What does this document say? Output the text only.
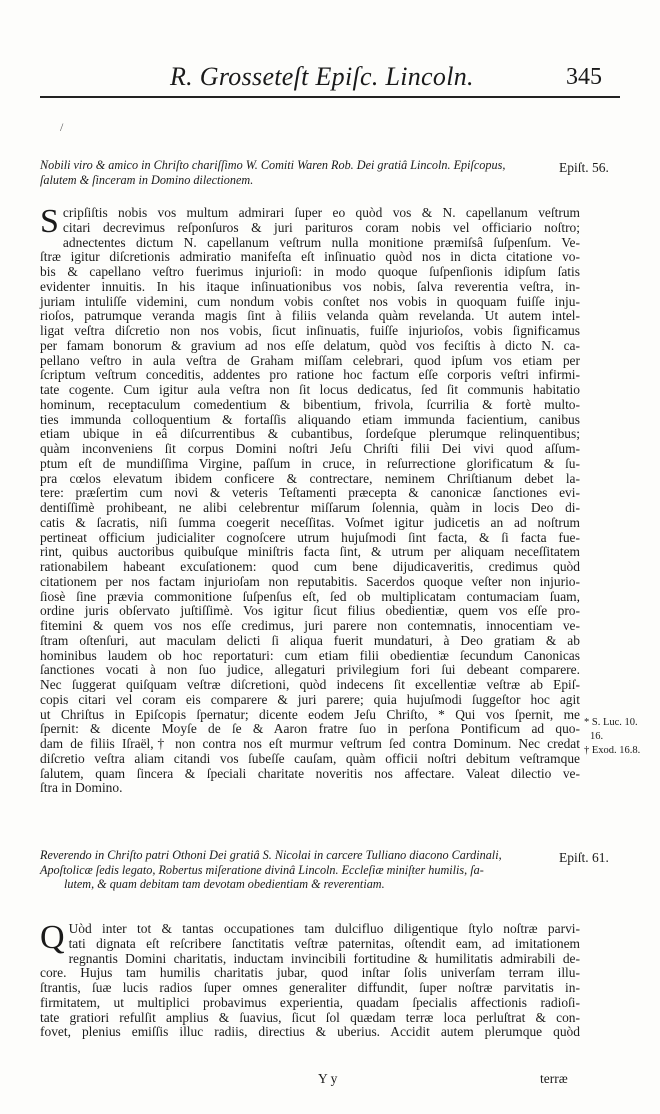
R. Grosseteſt Epiſc. Lincoln.	345
/
Nobili viro & amico in Chriſto chariſſimo W. Comiti Waren Rob. Dei gratiâ Lincoln. Epiſcopus,
ſalutem & ſinceram in Domino dilectionem.
Epiſt. 56.
S cripſiſtis nobis vos multum admirari ſuper eo quòd vos & N. capellanum veſtrum
citari decrevimus reſponſuros & juri parituros coram nobis vel officiario noſtro;
adnectentes dictum N. capellanum veſtrum nulla monitione præmiſsâ ſuſpenſum. Ve-
ſtræ igitur diſcretionis admiratio manifeſta eſt inſinuatio quòd nos in dicta citatione vo-
bis & capellano veſtro fuerimus injurioſi: in modo quoque ſuſpenſionis idipſum ſatis
evidenter innuitis. In his itaque inſinuationibus vos nobis, ſalva reverentia veſtra, in-
juriam intuliſſe videmini, cum nondum vobis conſtet nos vobis in quoquam fuiſſe inju-
rioſos, patrumque veranda magis ſint à filiis velanda quàm revelanda. Ut autem intel-
ligat veſtra diſcretio non nos vobis, ſicut inſinuatis, fuiſſe injurioſos, vobis ſignificamus
per famam bonorum & gravium ad nos eſſe delatum, quòd vos feciſtis à dicto N. ca-
pellano veſtro in aula veſtra de Graham miſſam celebrari, quod ipſum vos etiam per
ſcriptum veſtrum conceditis, addentes pro ratione hoc factum eſſe corporis veſtri infirmi-
tate cogente. Cum igitur aula veſtra non ſit locus dedicatus, ſed ſit communis habitatio
hominum, receptaculum comedentium & bibentium, frivola, ſcurrilia & fortè multo-
ties immunda colloquentium & fortaſſis aliquando etiam immunda facientium, canibus
etiam ubique in eâ diſcurrentibus & cubantibus, ſordeſque plerumque relinquentibus;
quàm inconveniens ſit corpus Domini noſtri Jeſu Chriſti filii Dei vivi quod aſſum-
ptum eſt de mundiſſima Virgine, paſſum in cruce, in reſurrectione glorificatum & ſu-
pra cœlos elevatum ibidem conficere & contrectare, neminem Chriſtianum debet la-
tere: præſertim cum novi & veteris Teſtamenti præcepta & canonicæ ſanctiones evi-
dentiſſimè prohibeant, ne alibi celebrentur miſſarum ſolennia, quàm in locis Deo di-
catis & ſacratis, niſi ſumma coegerit neceſſitas. Voſmet igitur judicetis an ad noſtrum
pertineat officium judicialiter cognoſcere utrum hujuſmodi ſint facta, & ſi facta fue-
rint, quibus auctoribus quibuſque miniſtris facta ſint, & utrum per aliquam neceſſitatem
rationabilem habeant excuſationem: quod cum bene dijudicaveritis, credimus quòd
citationem per nos factam injurioſam non reputabitis. Sacerdos quoque veſter non injurio-
ſiosè ſine prævia commonitione ſuſpenſus eſt, ſed ob multiplicatam contumaciam ſuam,
ordine juris obſervato juſtiſſimè. Vos igitur ſicut filius obedientiæ, quem vos eſſe pro-
fitemini & quem vos nos eſſe credimus, juri parere non contemnatis, innocentiam ve-
ſtram oſtenſuri, aut maculam delicti ſi aliqua fuerit mundaturi, à Deo gratiam & ab
hominibus laudem ob hoc reportaturi: cum etiam filii obedientiæ ſecundum Canonicas
ſanctiones vocati à non ſuo judice, allegaturi privilegium fori ſui debeant comparere.
Nec ſuggerat quiſquam veſtræ diſcretioni, quòd indecens ſit excellentiæ veſtræ ab Epiſ-
copis citari vel coram eis comparere & juri parere; quia hujuſmodi ſuggeſtor hoc agit
ut Chriſtus in Epiſcopis ſpernatur; dicente eodem Jeſu Chriſto, * Qui vos ſpernit, me
ſpernit: & dicente Moyſe de ſe & Aaron fratre ſuo in perſona Pontificum ad quo-
dam de filiis Iſraël,† non contra nos eſt murmur veſtrum ſed contra Dominum. Nec credat
diſcretio veſtra aliam citandi vos ſubeſſe cauſam, quàm officii noſtri debitum veſtramque
ſalutem, quam ſincera & ſpeciali charitate noveritis nos affectare. Valeat dilectio ve-
ſtra in Domino.
* S. Luc. 10.
16.
† Exod. 16.8.
Reverendo in Chriſto patri Othoni Dei gratiâ S. Nicolai in carcere Tulliano diacono Cardinali,
Apoſtolicæ ſedis legato, Robertus miſeratione divinâ Lincoln. Eccleſiæ miniſter humilis, ſa-
lutem, & quam debitam tam devotam obedientiam & reverentiam.
Epiſt. 61.
Q Uòd inter tot & tantas occupationes tam dulcifluo diligentique ſtylo noſtræ parvi-
tati dignata eſt reſcribere ſanctitatis veſtræ paternitas, oſtendit eam, ad imitationem
regnantis Domini charitatis, inductam invincibili fortitudine & humilitatis admirabili de-
core. Hujus tam humilis charitatis jubar, quod inſtar ſolis univerſam terram illu-
ſtrantis, ſuæ lucis radios ſuper omnes generaliter diffundit, ſuper noſtræ parvitatis in-
firmitatem, ut multiplici probavimus experientia, quadam ſpecialis affectionis radioſi-
tate gratiori refulſit amplius & ſuavius, ſicut ſol quædam terræ loca perluſtrat & con-
fovet, plenius emiſſis illuc radiis, directius & uberius. Accidit autem plerumque quòd
Y y	terræ
